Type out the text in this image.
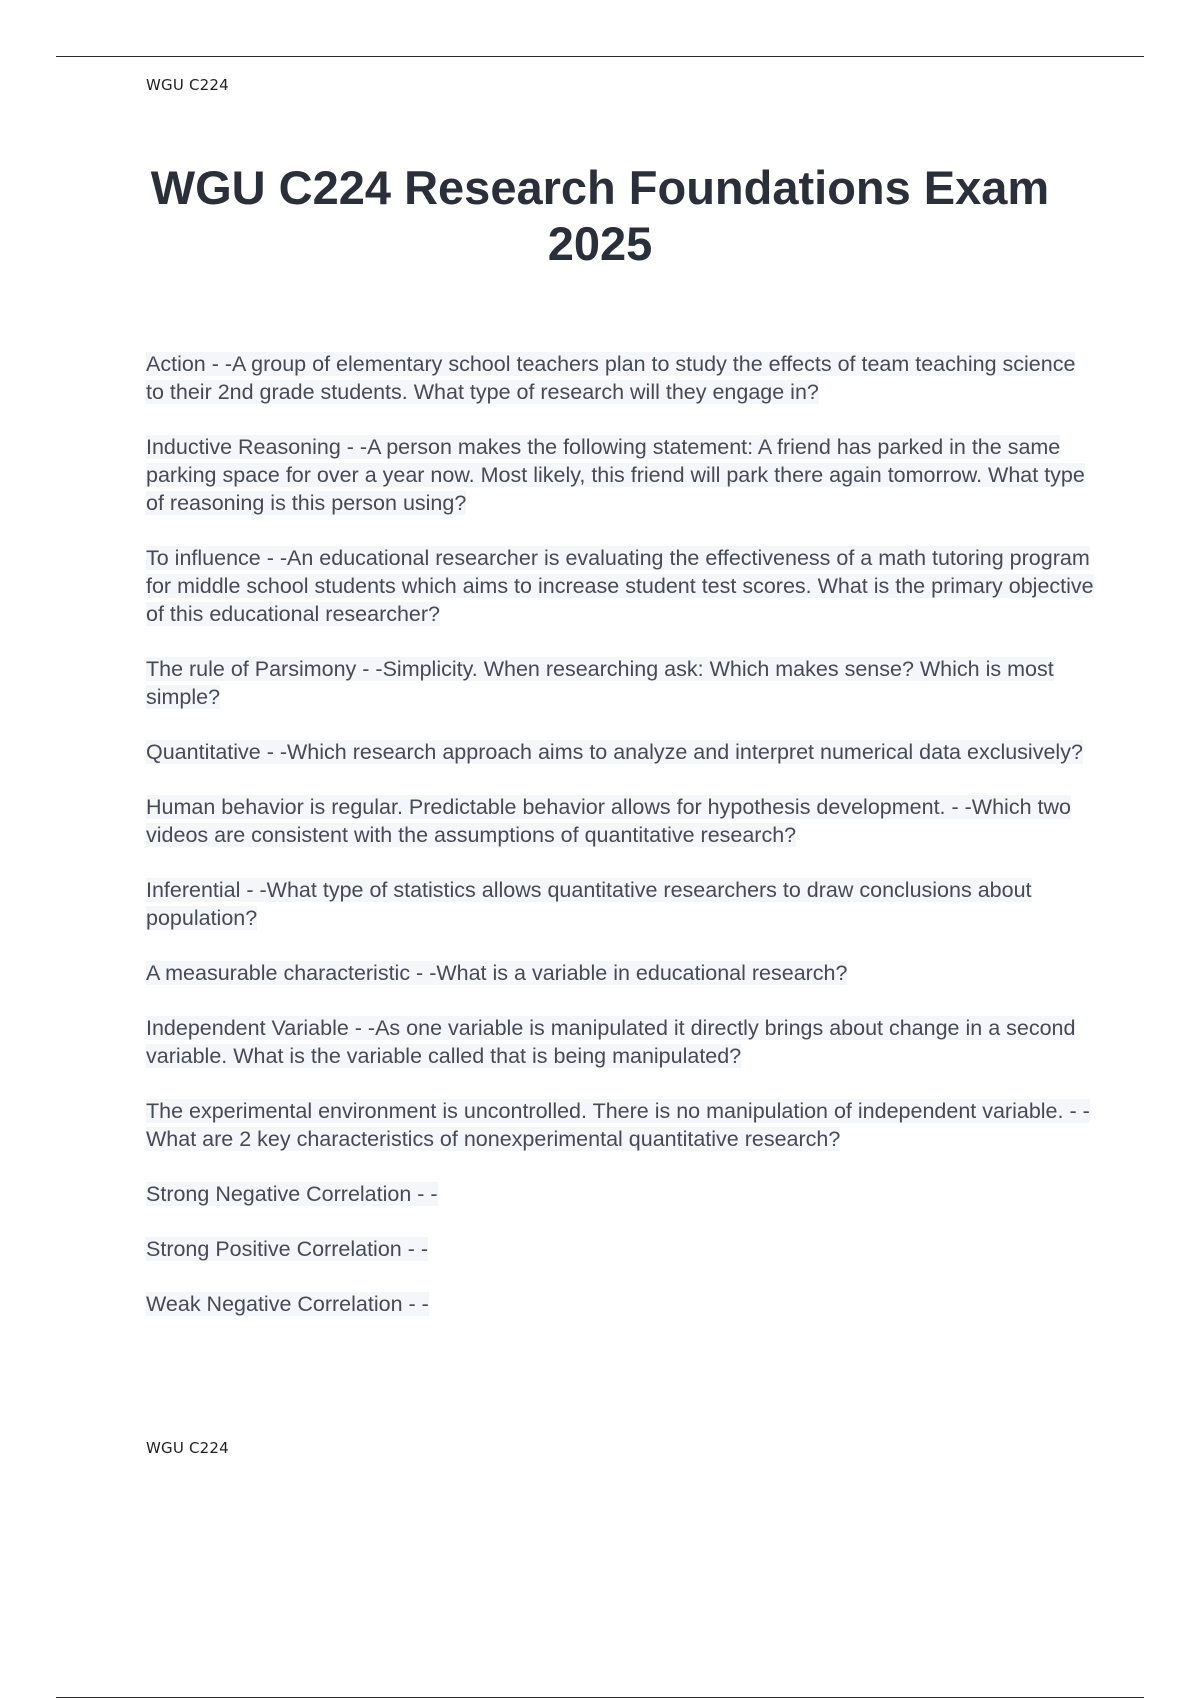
WGU C224
WGU C224 Research Foundations Exam 2025
Action - -A group of elementary school teachers plan to study the effects of team teaching science to their 2nd grade students. What type of research will they engage in?
Inductive Reasoning - -A person makes the following statement: A friend has parked in the same parking space for over a year now. Most likely, this friend will park there again tomorrow. What type of reasoning is this person using?
To influence - -An educational researcher is evaluating the effectiveness of a math tutoring program for middle school students which aims to increase student test scores. What is the primary objective of this educational researcher?
The rule of Parsimony - -Simplicity. When researching ask: Which makes sense? Which is most simple?
Quantitative - -Which research approach aims to analyze and interpret numerical data exclusively?
Human behavior is regular. Predictable behavior allows for hypothesis development. - -Which two videos are consistent with the assumptions of quantitative research?
Inferential - -What type of statistics allows quantitative researchers to draw conclusions about population?
A measurable characteristic - -What is a variable in educational research?
Independent Variable - -As one variable is manipulated it directly brings about change in a second variable. What is the variable called that is being manipulated?
The experimental environment is uncontrolled. There is no manipulation of independent variable. - -What are 2 key characteristics of nonexperimental quantitative research?
Strong Negative Correlation - -
Strong Positive Correlation - -
Weak Negative Correlation - -
WGU C224
